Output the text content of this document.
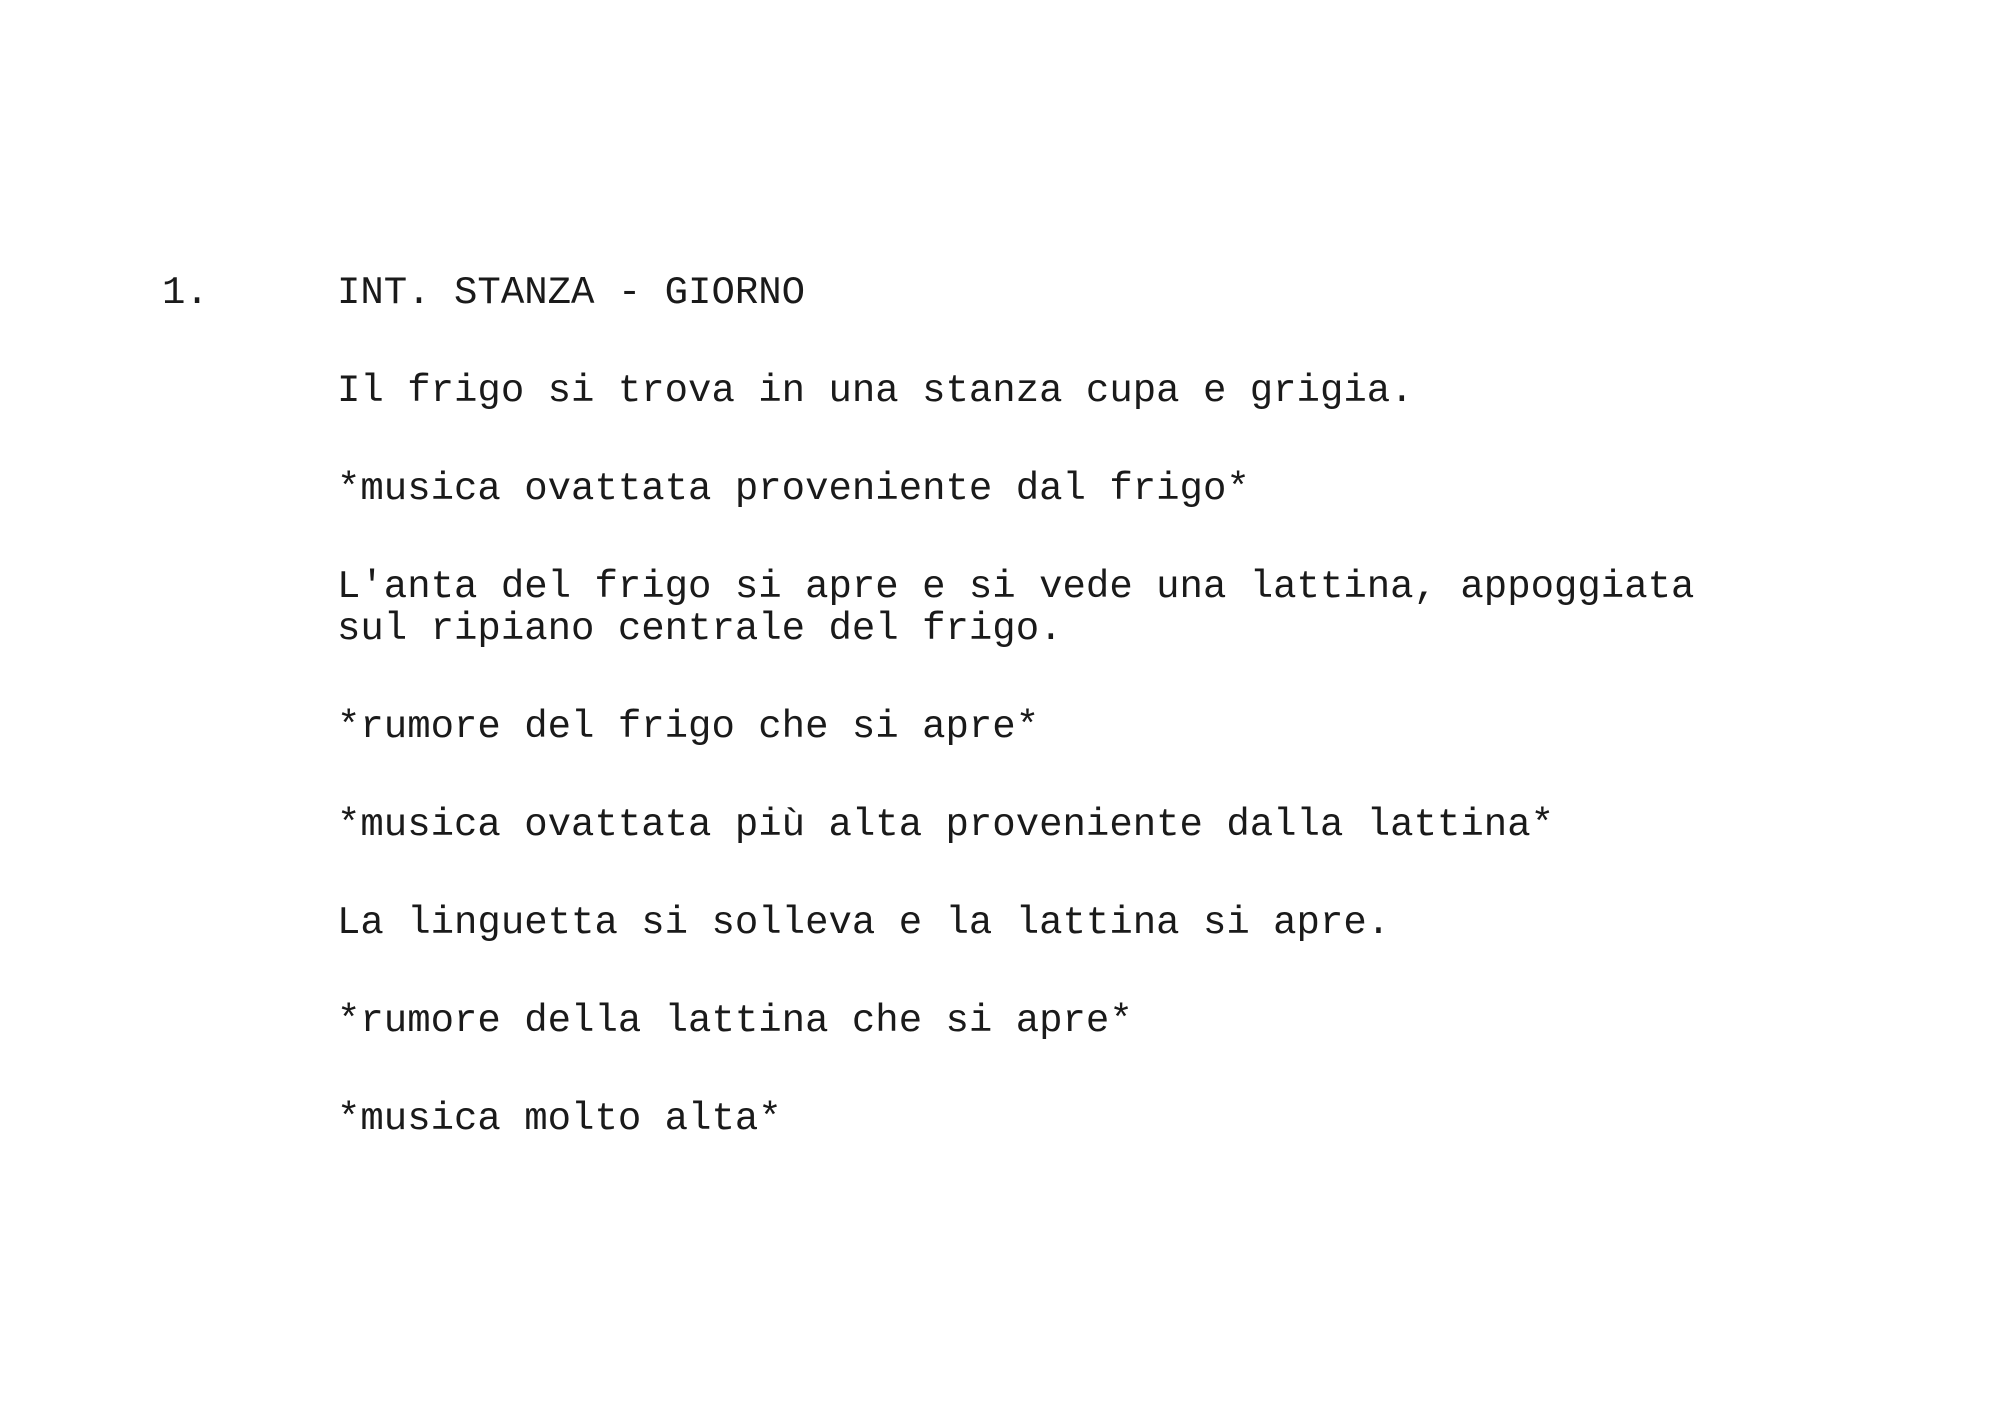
1.	INT. STANZA - GIORNO
Il frigo si trova in una stanza cupa e grigia.
*musica ovattata proveniente dal frigo*
L'anta del frigo si apre e si vede una lattina, appoggiata
sul ripiano centrale del frigo.
*rumore del frigo che si apre*
*musica ovattata più alta proveniente dalla lattina*
La linguetta si solleva e la lattina si apre.
*rumore della lattina che si apre*
*musica molto alta*
